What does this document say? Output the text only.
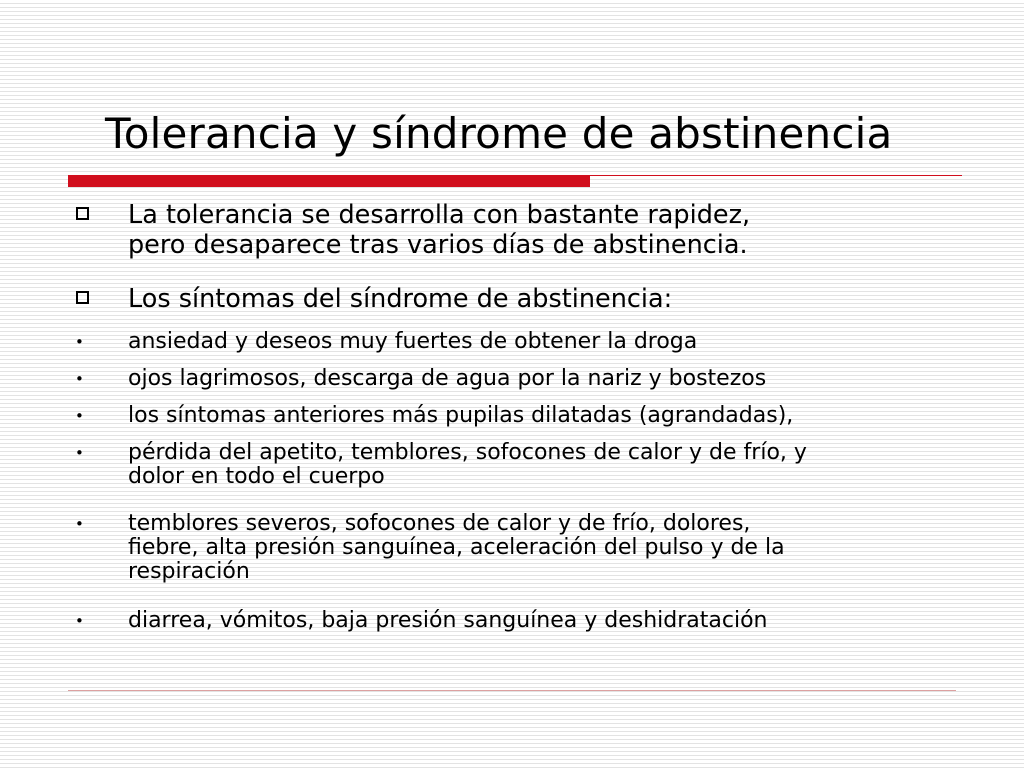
Tolerancia y síndrome de abstinencia
La tolerancia se desarrolla con bastante rapidez,
pero desaparece tras varios días de abstinencia.
Los síntomas del síndrome de abstinencia:
• ansiedad y deseos muy fuertes de obtener la droga
• ojos lagrimosos, descarga de agua por la nariz y bostezos
• los síntomas anteriores más pupilas dilatadas (agrandadas),
• pérdida del apetito, temblores, sofocones de calor y de frío, y
dolor en todo el cuerpo
• temblores severos, sofocones de calor y de frío, dolores,
fiebre, alta presión sanguínea, aceleración del pulso y de la
respiración
• diarrea, vómitos, baja presión sanguínea y deshidratación
